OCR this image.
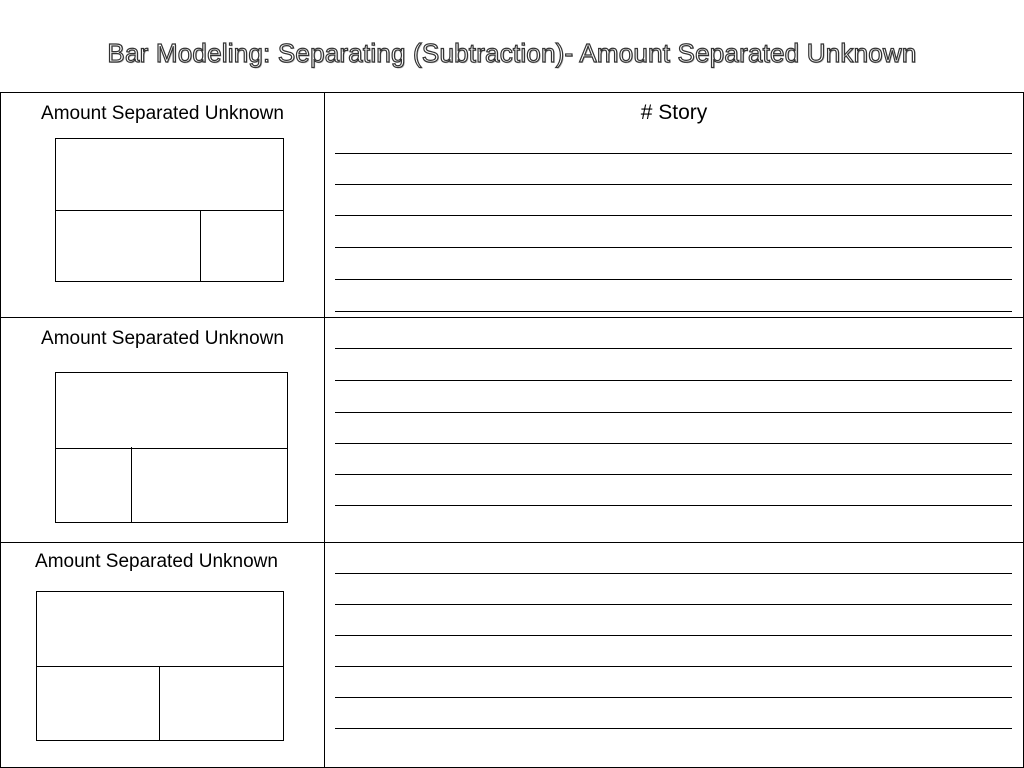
Bar Modeling: Separating (Subtraction)- Amount Separated Unknown
Amount Separated Unknown	# Story

Amount Separated Unknown	

Amount Separated Unknown	
